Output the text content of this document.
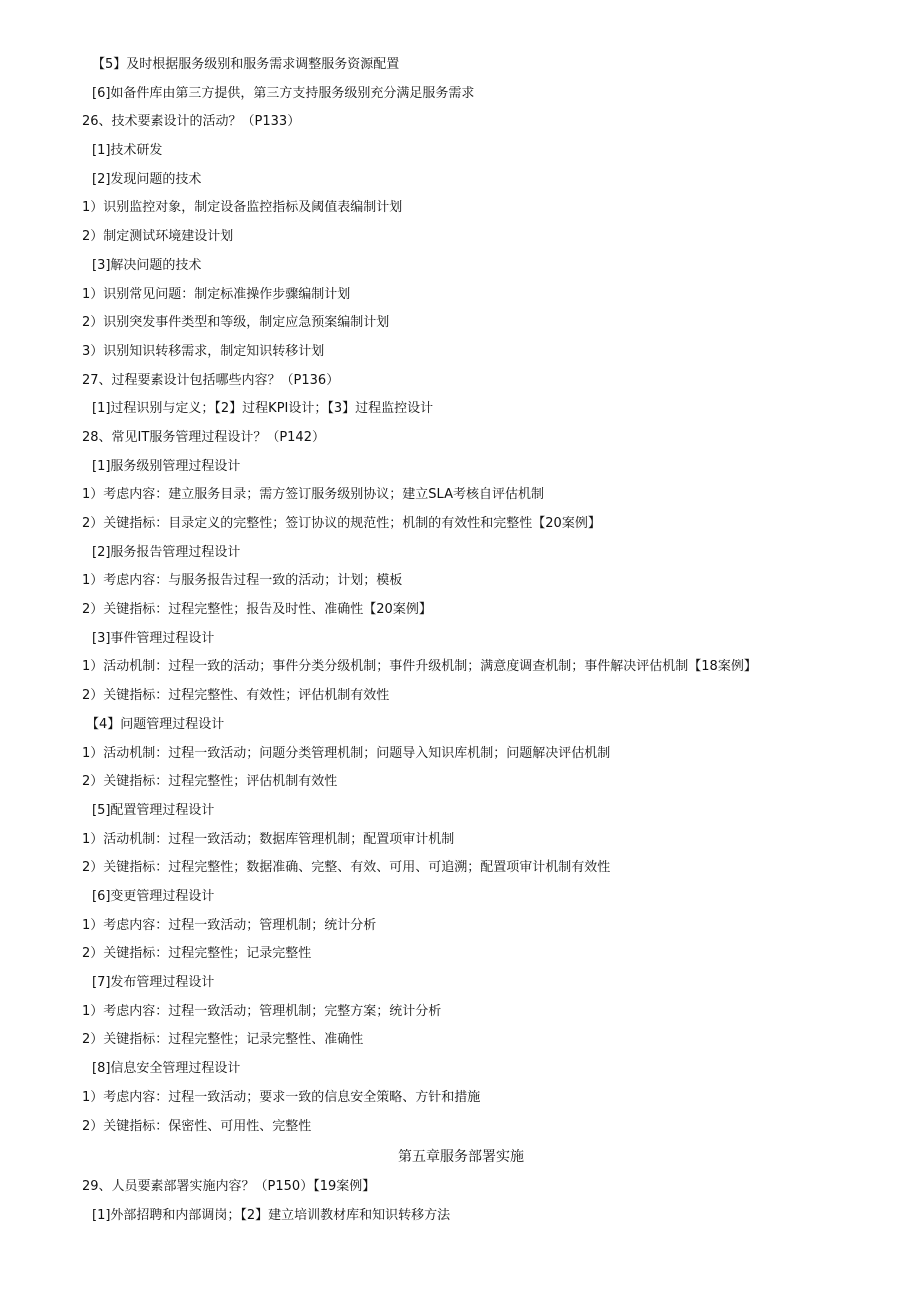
【5】及时根据服务级别和服务需求调整服务资源配置
[6]如备件库由第三方提供，第三方支持服务级别充分满足服务需求
26、技术要素设计的活动？（P133）
[1]技术研发
[2]发现问题的技术
1）识别监控对象，制定设备监控指标及阈值表编制计划
2）制定测试环境建设计划
[3]解决问题的技术
1）识别常见问题：制定标准操作步骤编制计划
2）识别突发事件类型和等级，制定应急预案编制计划
3）识别知识转移需求，制定知识转移计划
27、过程要素设计包括哪些内容？（P136）
[1]过程识别与定义；【2】过程KPI设计；【3】过程监控设计
28、常见IT服务管理过程设计？（P142）
[1]服务级别管理过程设计
1）考虑内容：建立服务目录；需方签订服务级别协议；建立SLA考核自评估机制
2）关键指标：目录定义的完整性；签订协议的规范性；机制的有效性和完整性【20案例】
[2]服务报告管理过程设计
1）考虑内容：与服务报告过程一致的活动；计划；模板
2）关键指标：过程完整性；报告及时性、准确性【20案例】
[3]事件管理过程设计
1）活动机制：过程一致的活动；事件分类分级机制；事件升级机制；满意度调查机制；事件解决评估机制【18案例】
2）关键指标：过程完整性、有效性；评估机制有效性
【4】问题管理过程设计
1）活动机制：过程一致活动；问题分类管理机制；问题导入知识库机制；问题解决评估机制
2）关键指标：过程完整性；评估机制有效性
[5]配置管理过程设计
1）活动机制：过程一致活动；数据库管理机制；配置项审计机制
2）关键指标：过程完整性；数据准确、完整、有效、可用、可追溯；配置项审计机制有效性
[6]变更管理过程设计
1）考虑内容：过程一致活动；管理机制；统计分析
2）关键指标：过程完整性；记录完整性
[7]发布管理过程设计
1）考虑内容：过程一致活动；管理机制；完整方案；统计分析
2）关键指标：过程完整性；记录完整性、准确性
[8]信息安全管理过程设计
1）考虑内容：过程一致活动；要求一致的信息安全策略、方针和措施
2）关键指标：保密性、可用性、完整性
第五章服务部署实施
29、人员要素部署实施内容？（P150）【19案例】
[1]外部招聘和内部调岗；【2】建立培训教材库和知识转移方法
